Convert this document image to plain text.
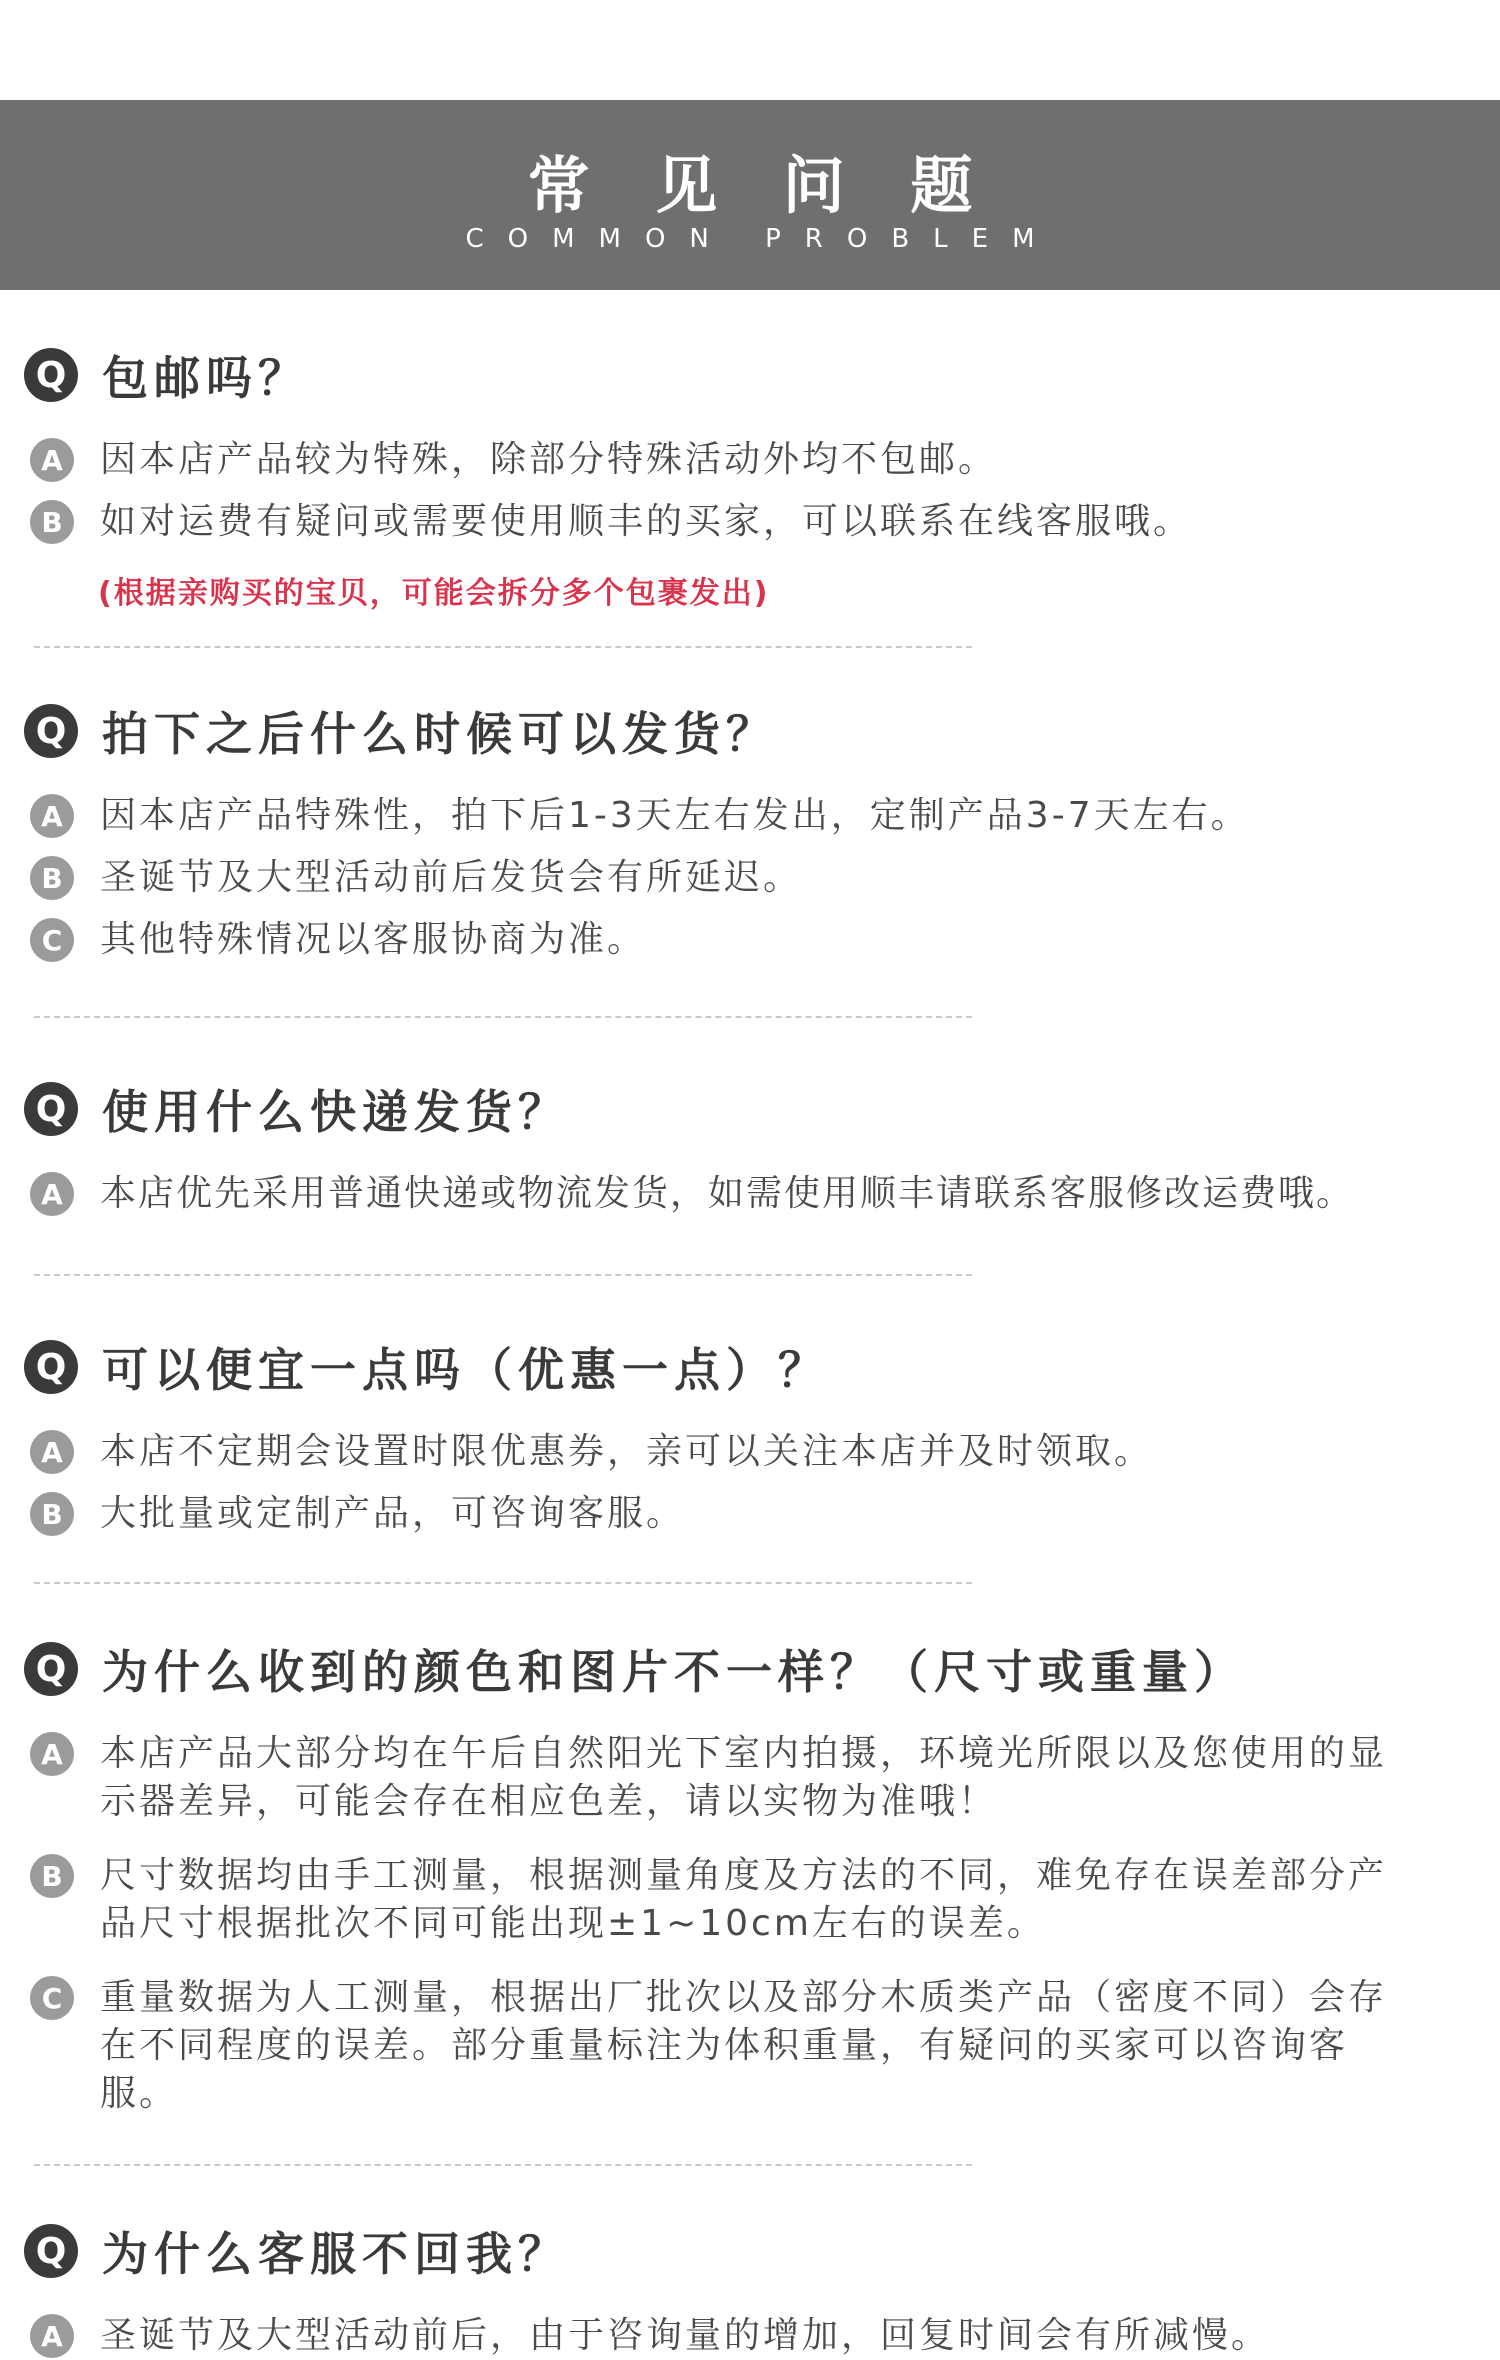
常 见 问 题
COMMON PROBLEM
Q 包邮吗？
A	因本店产品较为特殊，除部分特殊活动外均不包邮。
B	如对运费有疑问或需要使用顺丰的买家，可以联系在线客服哦。
(根据亲购买的宝贝，可能会拆分多个包裹发出)
Q 拍下之后什么时候可以发货？
A	因本店产品特殊性，拍下后1-3天左右发出，定制产品3-7天左右。
B	圣诞节及大型活动前后发货会有所延迟。
C	其他特殊情况以客服协商为准。
Q 使用什么快递发货？
A	本店优先采用普通快递或物流发货，如需使用顺丰请联系客服修改运费哦。
Q 可以便宜一点吗（优惠一点）？
A	本店不定期会设置时限优惠券，亲可以关注本店并及时领取。
B	大批量或定制产品，可咨询客服。
Q 为什么收到的颜色和图片不一样？（尺寸或重量）
A	本店产品大部分均在午后自然阳光下室内拍摄，环境光所限以及您使用的显示器差异，可能会存在相应色差，请以实物为准哦！
B	尺寸数据均由手工测量，根据测量角度及方法的不同，难免存在误差部分产品尺寸根据批次不同可能出现±1~10cm左右的误差。
C	重量数据为人工测量，根据出厂批次以及部分木质类产品（密度不同）会存在不同程度的误差。部分重量标注为体积重量，有疑问的买家可以咨询客服。
Q 为什么客服不回我？
A	圣诞节及大型活动前后，由于咨询量的增加，回复时间会有所减慢。
